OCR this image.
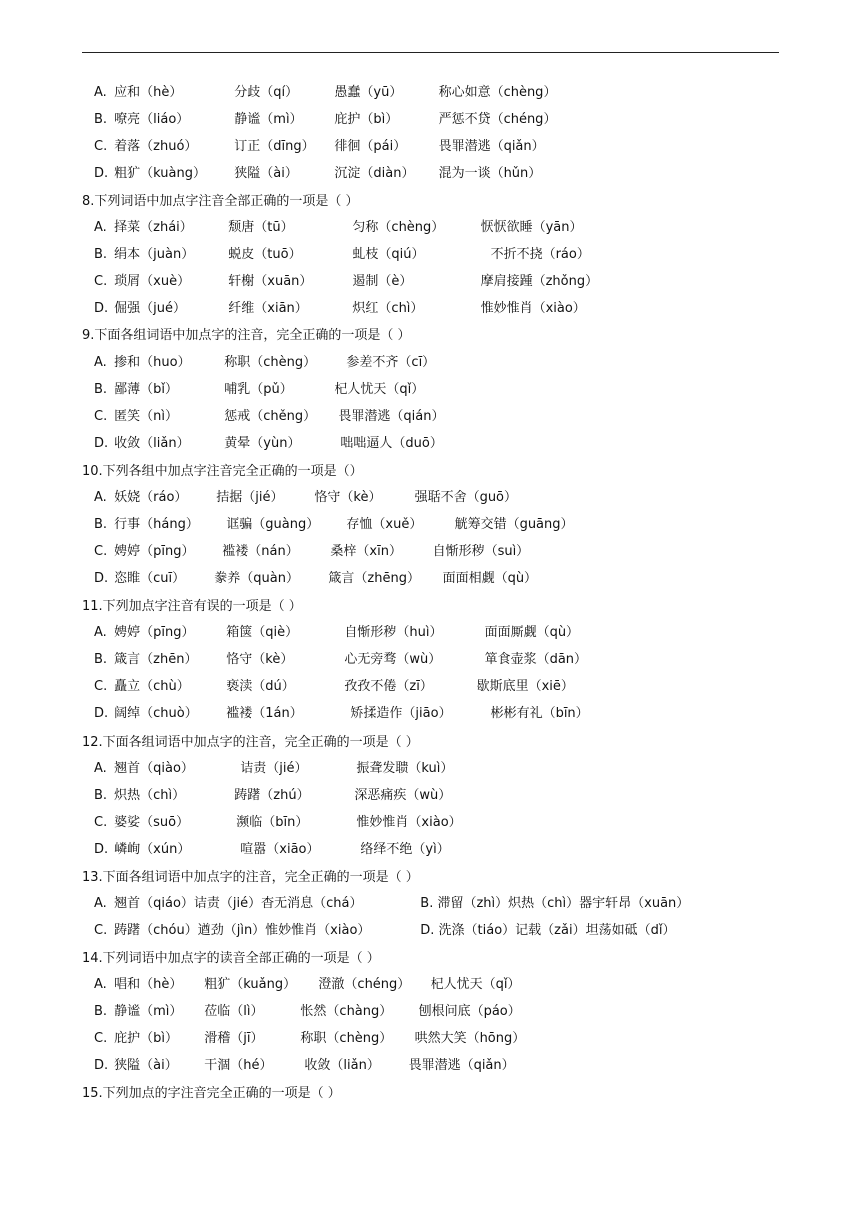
A. 应和（hè）	分歧（qí）	愚蠢（yū）	称心如意（chèng）
B. 嘹亮（liáo）	静谧（mì） 庇护（bì）	严惩不贷（chéng）
C. 着落（zhuó）	订正（dīng） 徘徊（pái） 畏罪潜逃（qiǎn）
D. 粗犷（kuàng） 狭隘（ài）	沉淀（diàn） 混为一谈（hǔn）
8.下列词语中加点字注音全部正确的一项是（ ）
A. 择菜（zhái）	颓唐（tū）	匀称（chèng）	恹恹欲睡（yān）
B. 绢本（juàn）	蜕皮（tuō）	虬枝（qiú）	不折不挠（ráo）
C. 琐屑（xuè）	轩榭（xuān）	遏制（è）	摩肩接踵（zhǒng）
D. 倔强（jué）	纤维（xiān）	炽红（chì）	惟妙惟肖（xiào）
9.下面各组词语中加点字的注音，完全正确的一项是（ ）
A. 掺和（huo）	称职（chèng） 参差不齐（cī）
B. 鄙薄（bǐ）	哺乳（pǔ）	杞人忧天（qǐ）
C. 匿笑（nì）	惩戒（chěng） 畏罪潜逃（qián）
D. 收敛（liǎn）	黄晕（yùn）	咄咄逼人（duō）
10.下列各组中加点字注音完全正确的一项是（）
A. 妖娆（ráo） 拮据（jié） 恪守（kè）	强聒不舍（guō）
B. 行事（háng） 诓骗（guàng） 存恤（xuě） 觥筹交错（guāng）
C. 娉婷（pīng） 褴褛（nán） 桑梓（xīn） 自惭形秽（suì）
D. 恣睢（cuī） 豢养（quàn） 箴言（zhēng） 面面相觑（qù）
11.下列加点字注音有误的一项是（ ）
A. 娉婷（pīng） 箱箧（qiè）	自惭形秽（huì）	面面厮觑（qù）
B. 箴言（zhēn） 恪守（kè）	心无旁骛（wù）	箪食壶浆（dān）
C. 矗立（chù）	亵渎（dú）	孜孜不倦（zī）	歇斯底里（xiē）
D. 阔绰（chuò） 褴褛（1án）	矫揉造作（jiāo）	彬彬有礼（bīn）
12.下面各组词语中加点字的注音，完全正确的一项是（ ）
A. 翘首（qiào）	诘责（jié）	振聋发聩（kuì）
B. 炽热（chì）	踌躇（zhú）	深恶痛疾（wù）
C. 婆娑（suō）	濒临（bīn）	惟妙惟肖（xiào）
D. 嶙峋（xún）	喧嚣（xiāo）	络绎不绝（yì）
13.下面各组词语中加点字的注音，完全正确的一项是（ ）
A. 翘首（qiáo）诘责（jié）杳无消息（chá）	B. 滞留（zhì）炽热（chì）器宇轩昂（xuān）
C. 踌躇（chóu）遒劲（jìn）惟妙惟肖（xiào）	D. 洗涤（tiáo）记载（zǎi）坦荡如砥（dǐ）
14.下列词语中加点字的读音全部正确的一项是（ ）
A. 唱和（hè） 粗犷（kuǎng） 澄澈（chéng） 杞人忧天（qǐ）
B. 静谧（mì） 莅临（lì）	怅然（chàng） 刨根问底（páo）
C. 庇护（bì） 滑稽（jī）	称职（chèng） 哄然大笑（hōng）
D. 狭隘（ài） 干涸（hé） 收敛（liǎn） 畏罪潜逃（qiǎn）
15.下列加点的字注音完全正确的一项是（ ）
